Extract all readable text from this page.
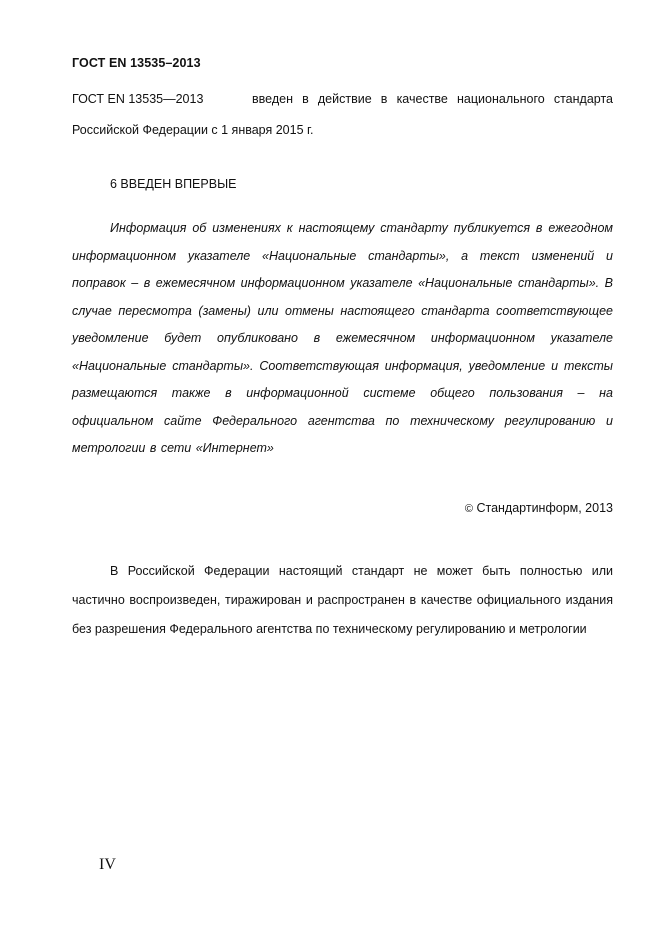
ГОСТ EN 13535–2013
ГОСТ EN 13535—2013	введен в действие в качестве национального стандарта Российской Федерации с 1 января 2015 г.
6 ВВЕДЕН ВПЕРВЫЕ
Информация об изменениях к настоящему стандарту публикуется в ежегодном информационном указателе «Национальные стандарты», а текст изменений и поправок – в ежемесячном информационном указателе «Национальные стандарты». В случае пересмотра (замены) или отмены настоящего стандарта соответствующее уведомление будет опубликовано в ежемесячном информационном указателе «Национальные стандарты». Соответствующая информация, уведомление и тексты размещаются также в информационной системе общего пользования – на официальном сайте Федерального агентства по техническому регулированию и метрологии в сети «Интернет»
© Стандартинформ, 2013
В Российской Федерации настоящий стандарт не может быть полностью или частично воспроизведен, тиражирован и распространен в качестве официального издания без разрешения Федерального агентства по техническому регулированию и метрологии
IV
